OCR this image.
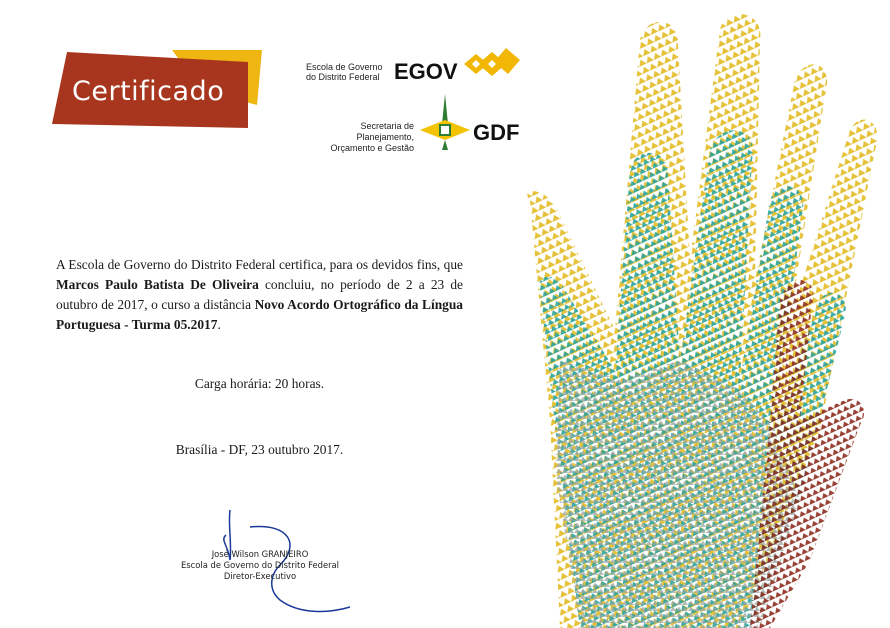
Certificado
Escola de Governo
do Distrito Federal EGOV
Secretaria de Planejamento,
Orçamento e Gestão
GDF
A Escola de Governo do Distrito Federal certifica, para os devidos fins, que Marcos Paulo Batista De Oliveira concluiu, no período de 2 a 23 de outubro de 2017, o curso a distância Novo Acordo Ortográfico da Língua Portuguesa - Turma 05.2017.
Carga horária: 20 horas.
Brasília - DF, 23 outubro 2017.
José Wilson GRANJEIRO
Escola de Governo do Distrito Federal
Diretor-Executivo
